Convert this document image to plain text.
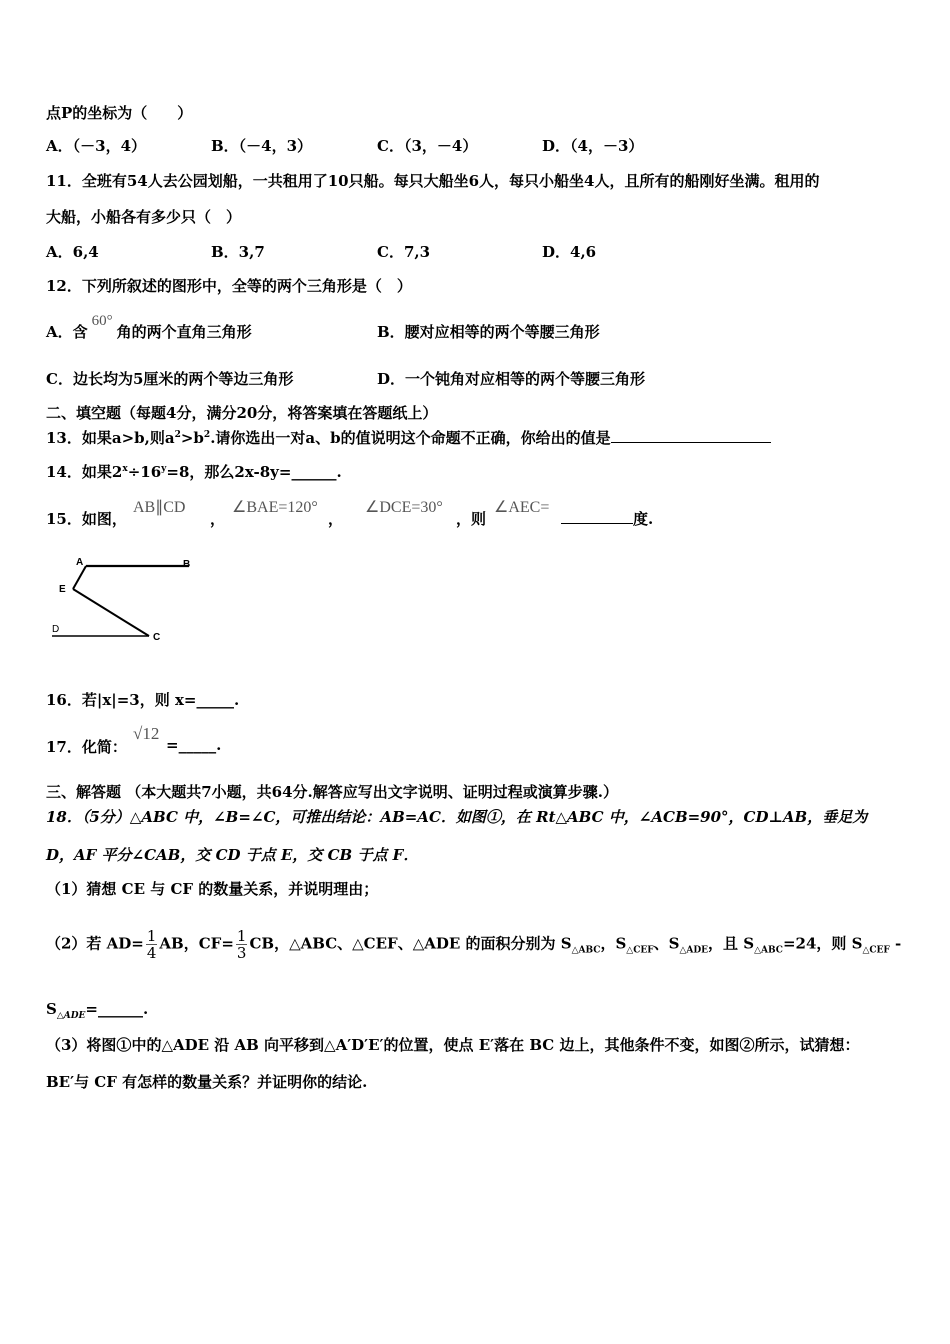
点P的坐标为（　　）
A．（－3，4）	B．（－4，3）	C．（3，－4）	D．（4，－3）
11．全班有54人去公园划船，一共租用了10只船。每只大船坐6人，每只小船坐4人，且所有的船刚好坐满。租用的
大船，小船各有多少只（　）
A．6,4	B．3,7	C．7,3	D．4,6
12．下列所叙述的图形中，全等的两个三角形是（　）
A．含60°角的两个直角三角形	B．腰对应相等的两个等腰三角形
C．边长均为5厘米的两个等边三角形	D．一个钝角对应相等的两个等腰三角形
二、填空题（每题4分，满分20分，将答案填在答题纸上）
13．如果a>b,则$a^2>b^2$.请你选出一对a、b的值说明这个命题不正确，你给出的值是
14．如果$2^x\div 16^y=8$，那么2x-8y=______.
15．如图，
AB∥CD
，
∠BAE=120°
，
∠DCE=30°
，则
∠AEC=
度.
A	B
E
D
C
16．若|x|=3，则 x=_____.
17．化简：
√12
=_____.
三、解答题 （本大题共7小题，共64分.解答应写出文字说明、证明过程或演算步骤.）
18．（5分）△ABC 中，∠B=∠C，可推出结论：AB=AC．如图①，在 Rt△ABC 中，∠ACB=90°，CD⊥AB，垂足为
D，AF 平分∠CAB，交 CD 于点 E，交 CB 于点 F．
（1）猜想 CE 与 CF 的数量关系，并说明理由；
（2）若 $AD= \frac{1}{4}$ AB，$CF= \frac{1}{3}$ CB，△ABC、△CEF、△ADE 的面积分别为 $S_{\triangle ABC}$，$S_{\triangle CEF}$、$S_{\triangle ADE}$，且 $S_{\triangle ABC}=24$，则 $S_{\triangle CEF}$ -
$S_{\triangle ADE}=\_\_\_\_\_\_$.
（3）将图①中的△ADE 沿 AB 向平移到△A′D′E′的位置，使点 E′落在 BC 边上，其他条件不变，如图②所示，试猜想：
BE′与 CF 有怎样的数量关系？并证明你的结论.
